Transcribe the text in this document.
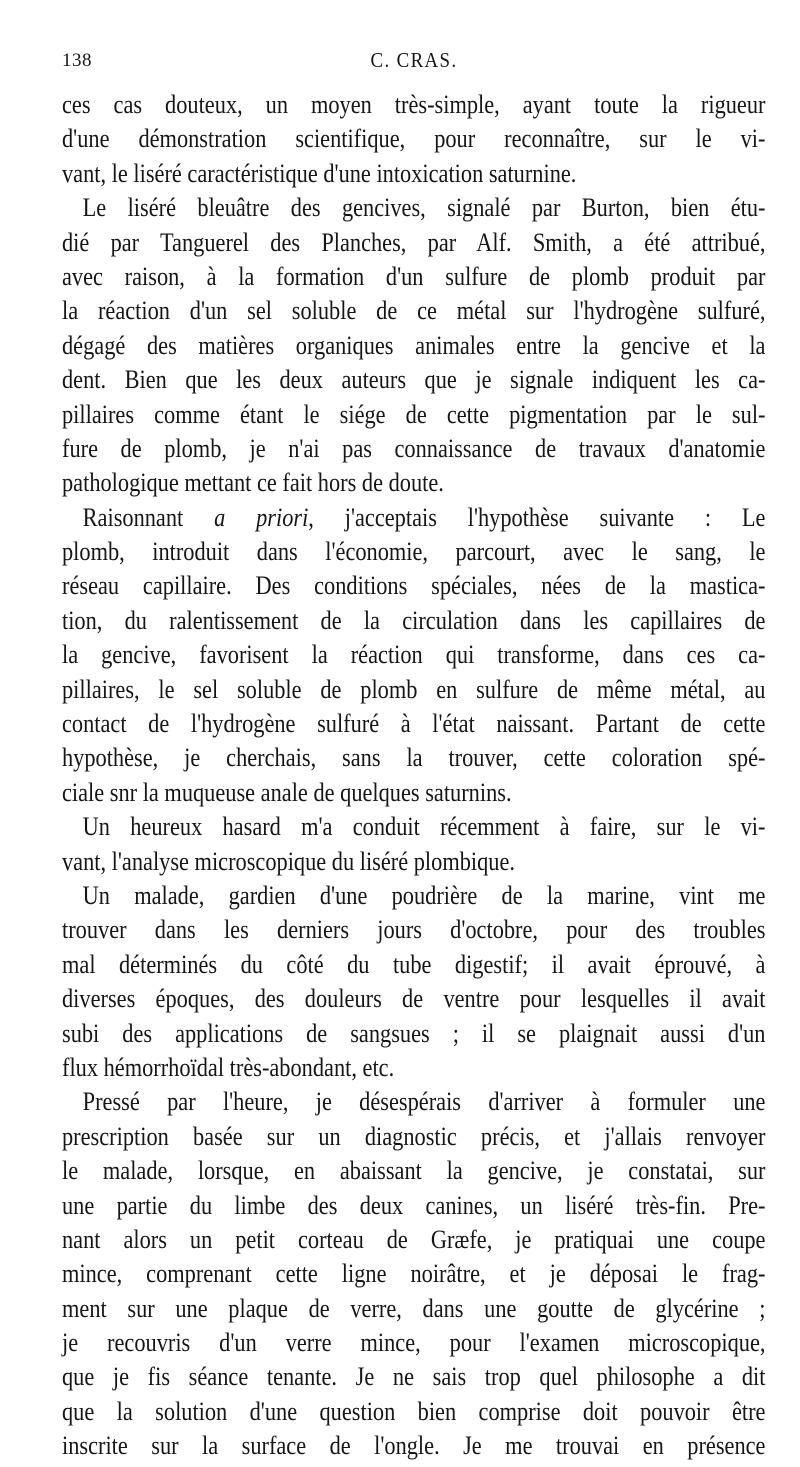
138	C. CRAS.
ces cas douteux, un moyen très-simple, ayant toute la rigueur
d'une démonstration scientifique, pour reconnaître, sur le vi-
vant, le liséré caractéristique d'une intoxication saturnine.
Le liséré bleuâtre des gencives, signalé par Burton, bien étu-
dié par Tanguerel des Planches, par Alf. Smith, a été attribué,
avec raison, à la formation d'un sulfure de plomb produit par
la réaction d'un sel soluble de ce métal sur l'hydrogène sulfuré,
dégagé des matières organiques animales entre la gencive et la
dent. Bien que les deux auteurs que je signale indiquent les ca-
pillaires comme étant le siége de cette pigmentation par le sul-
fure de plomb, je n'ai pas connaissance de travaux d'anatomie
pathologique mettant ce fait hors de doute.
Raisonnant a priori, j'acceptais l'hypothèse suivante : Le
plomb, introduit dans l'économie, parcourt, avec le sang, le
réseau capillaire. Des conditions spéciales, nées de la mastica-
tion, du ralentissement de la circulation dans les capillaires de
la gencive, favorisent la réaction qui transforme, dans ces ca-
pillaires, le sel soluble de plomb en sulfure de même métal, au
contact de l'hydrogène sulfuré à l'état naissant. Partant de cette
hypothèse, je cherchais, sans la trouver, cette coloration spé-
ciale snr la muqueuse anale de quelques saturnins.
Un heureux hasard m'a conduit récemment à faire, sur le vi-
vant, l'analyse microscopique du liséré plombique.
Un malade, gardien d'une poudrière de la marine, vint me
trouver dans les derniers jours d'octobre, pour des troubles
mal déterminés du côté du tube digestif; il avait éprouvé, à
diverses époques, des douleurs de ventre pour lesquelles il avait
subi des applications de sangsues ; il se plaignait aussi d'un
flux hémorrhoïdal très-abondant, etc.
Pressé par l'heure, je désespérais d'arriver à formuler une
prescription basée sur un diagnostic précis, et j'allais renvoyer
le malade, lorsque, en abaissant la gencive, je constatai, sur
une partie du limbe des deux canines, un liséré très-fin. Pre-
nant alors un petit corteau de Græfe, je pratiquai une coupe
mince, comprenant cette ligne noirâtre, et je déposai le frag-
ment sur une plaque de verre, dans une goutte de glycérine ;
je recouvris d'un verre mince, pour l'examen microscopique,
que je fis séance tenante. Je ne sais trop quel philosophe a dit
que la solution d'une question bien comprise doit pouvoir être
inscrite sur la surface de l'ongle. Je me trouvai en présence
